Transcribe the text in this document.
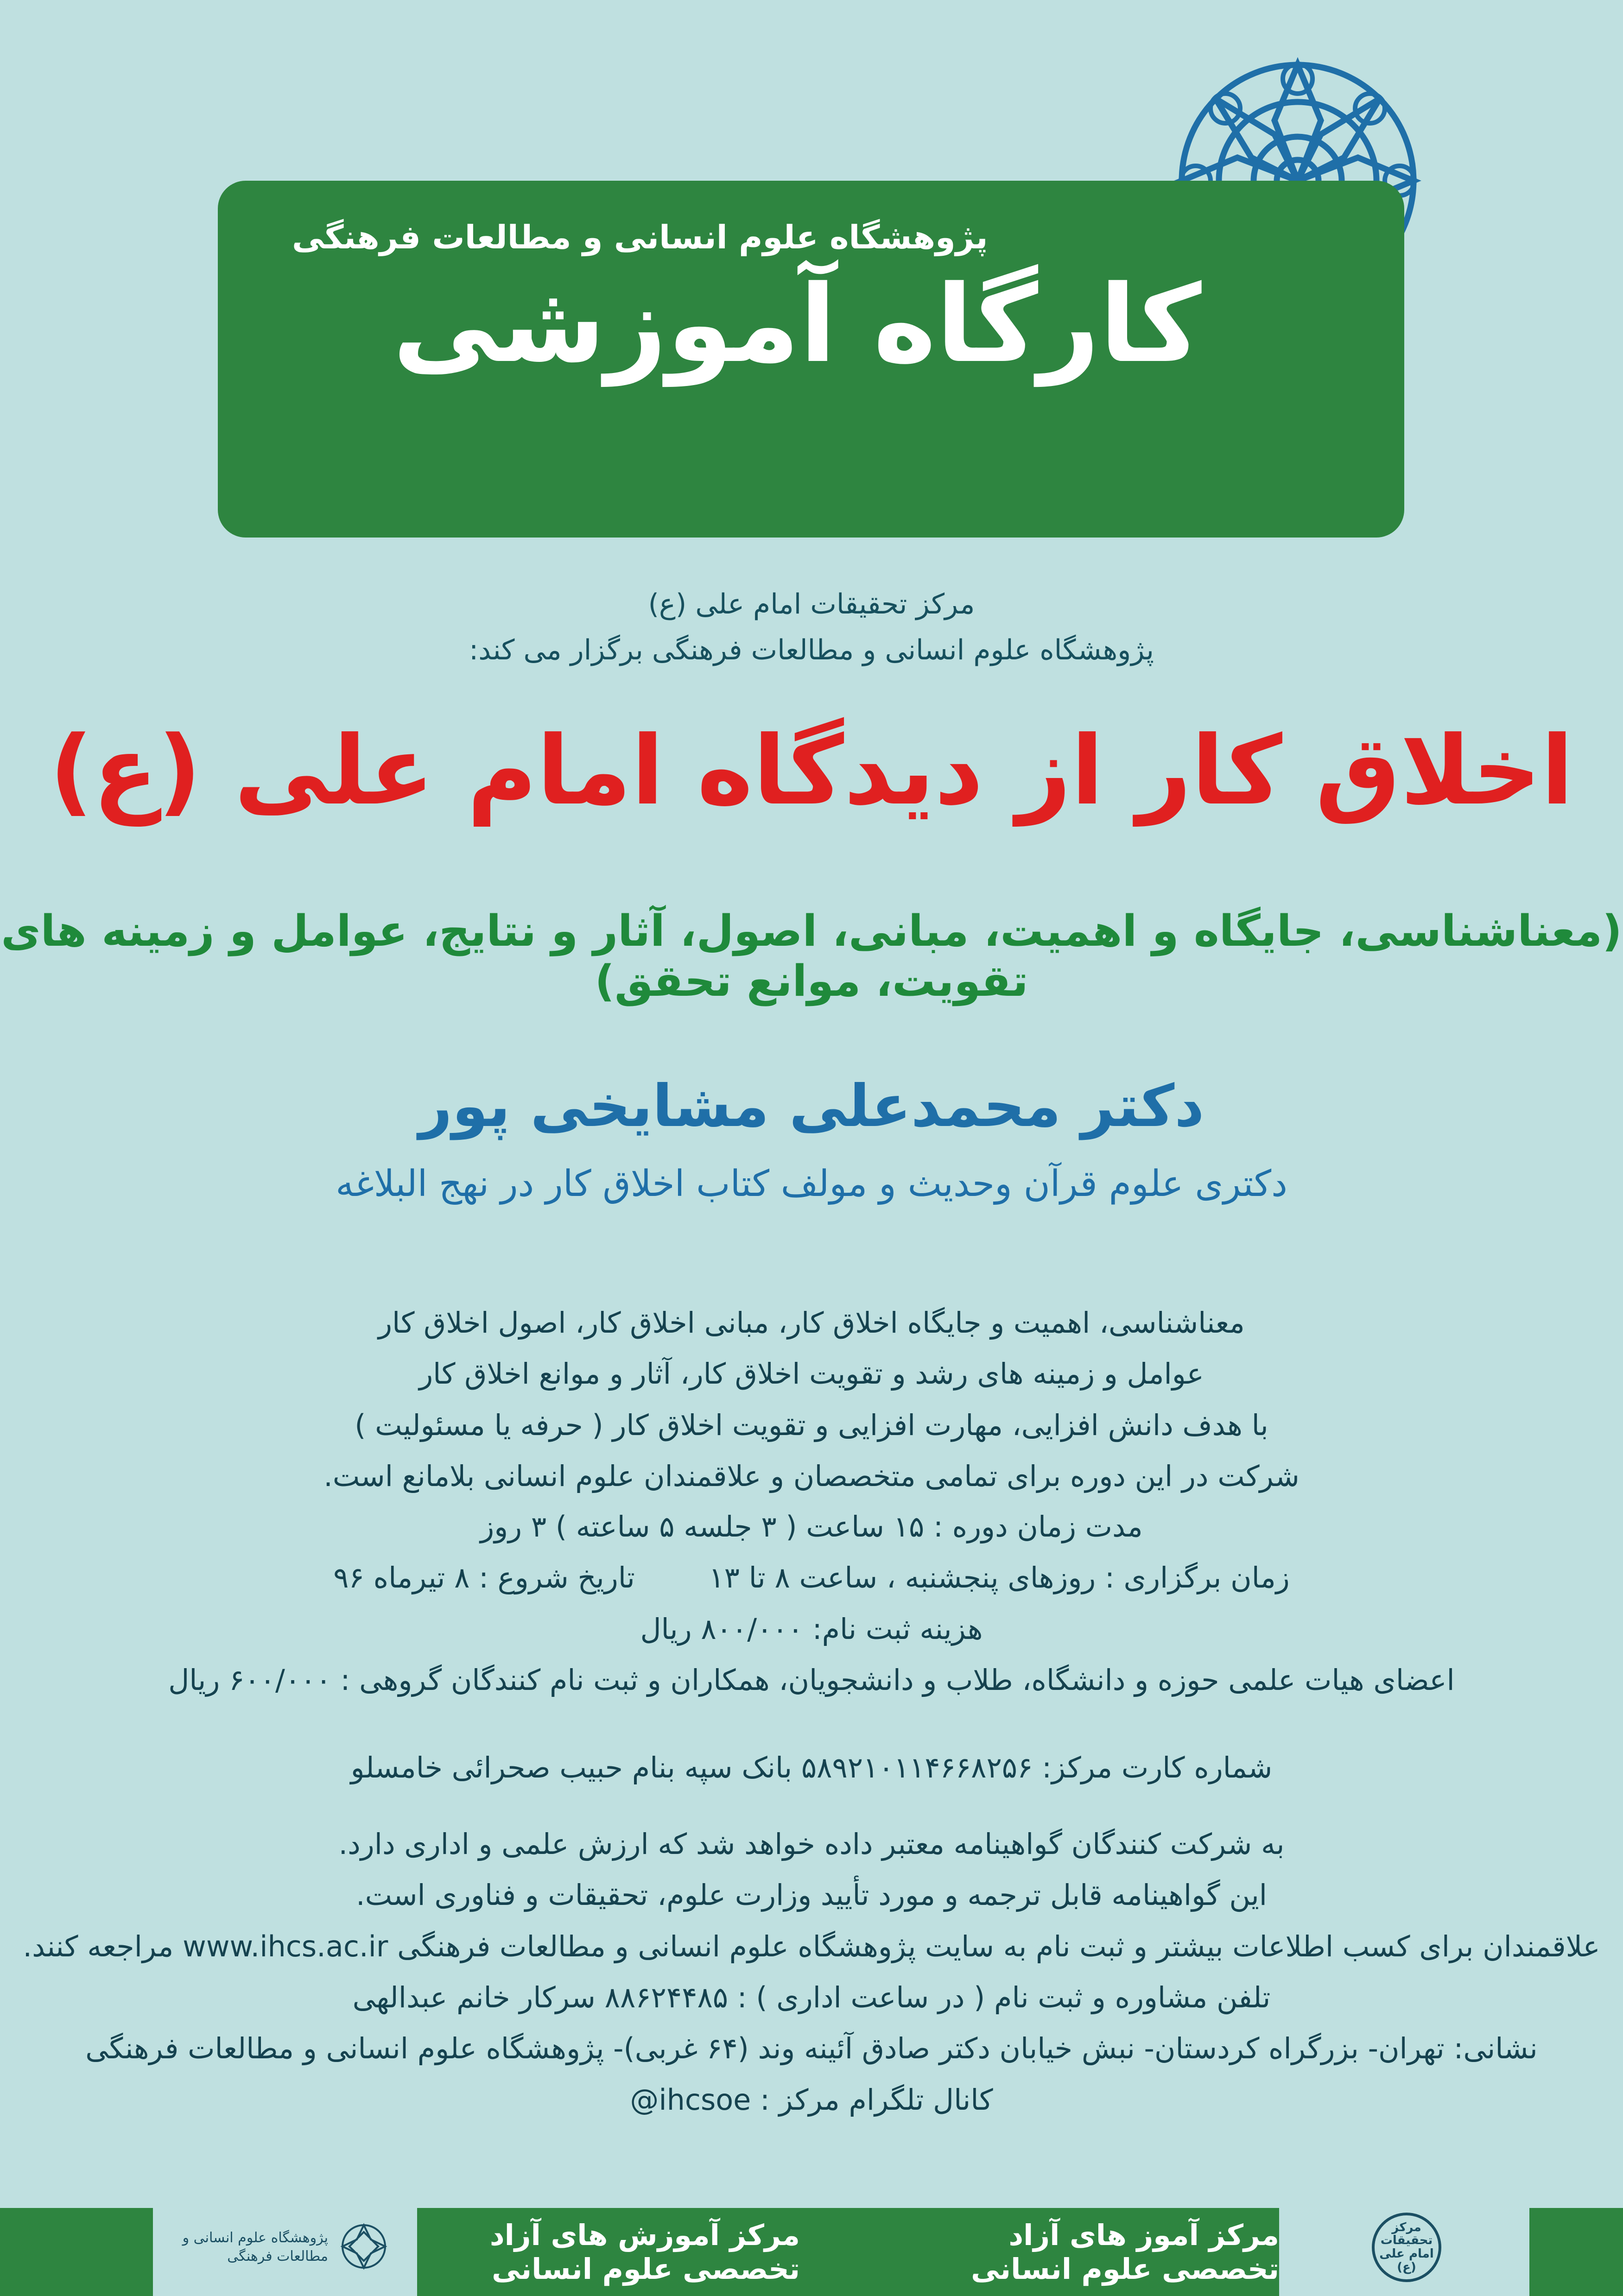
پژوهشگاه علوم انسانی و مطالعات فرهنگی
کارگاه آموزشی
مرکز تحقیقات امام علی (ع)
پژوهشگاه علوم انسانی و مطالعات فرهنگی برگزار می کند:
اخلاق کار از دیدگاه امام علی (ع)
(معناشناسی، جایگاه و اهمیت، مبانی، اصول، آثار و نتایج، عوامل و زمینه های تقویت، موانع تحقق)
دکتر محمدعلی مشایخی پور
دکتری علوم قرآن وحدیث و مولف کتاب اخلاق کار در نهج البلاغه
معناشناسی، اهمیت و جایگاه اخلاق کار، مبانی اخلاق کار، اصول اخلاق کار
عوامل و زمینه های رشد و تقویت اخلاق کار، آثار و موانع اخلاق کار
با هدف دانش افزایی، مهارت افزایی و تقویت اخلاق کار ( حرفه یا مسئولیت )
شرکت در این دوره برای تمامی متخصصان و علاقمندان علوم انسانی بلامانع است.
مدت زمان دوره : ۱۵ ساعت ( ۳ جلسه ۵ ساعته ) ۳ روز
زمان برگزاری : روزهای پنجشنبه ، ساعت ۸ تا ۱۳  تاریخ شروع : ۸ تیرماه ۹۶
هزینه ثبت نام: ۸۰۰/۰۰۰ ریال
اعضای هیات علمی حوزه و دانشگاه، طلاب و دانشجویان، همکاران و ثبت نام کنندگان گروهی : ۶۰۰/۰۰۰ ریال
شماره کارت مرکز: ۵۸۹۲۱۰۱۱۴۶۶۸۲۵۶ بانک سپه بنام حبیب صحرائی خامسلو
به شرکت کنندگان گواهینامه معتبر داده خواهد شد که ارزش علمی و اداری دارد.
این گواهینامه قابل ترجمه و مورد تأیید وزارت علوم، تحقیقات و فناوری است.
علاقمندان برای کسب اطلاعات بیشتر و ثبت نام به سایت پژوهشگاه علوم انسانی و مطالعات فرهنگی www.ihcs.ac.ir مراجعه کنند.
تلفن مشاوره و ثبت نام ( در ساعت اداری ) : ۸۸۶۲۴۴۸۵ سرکار خانم عبدالهی
نشانی: تهران- بزرگراه کردستان- نبش خیابان دکتر صادق آئینه وند (۶۴ غربی)- پژوهشگاه علوم انسانی و مطالعات فرهنگی
کانال تلگرام مرکز : ihcsoe@
مرکز آموز های آزاد تخصصی علوم انسانی
مرکز آموزش های آزاد تخصصی علوم انسانی
پژوهشگاه علوم انسانی و مطالعات فرهنگی
مرکز تحقیقات امام علی (ع)
